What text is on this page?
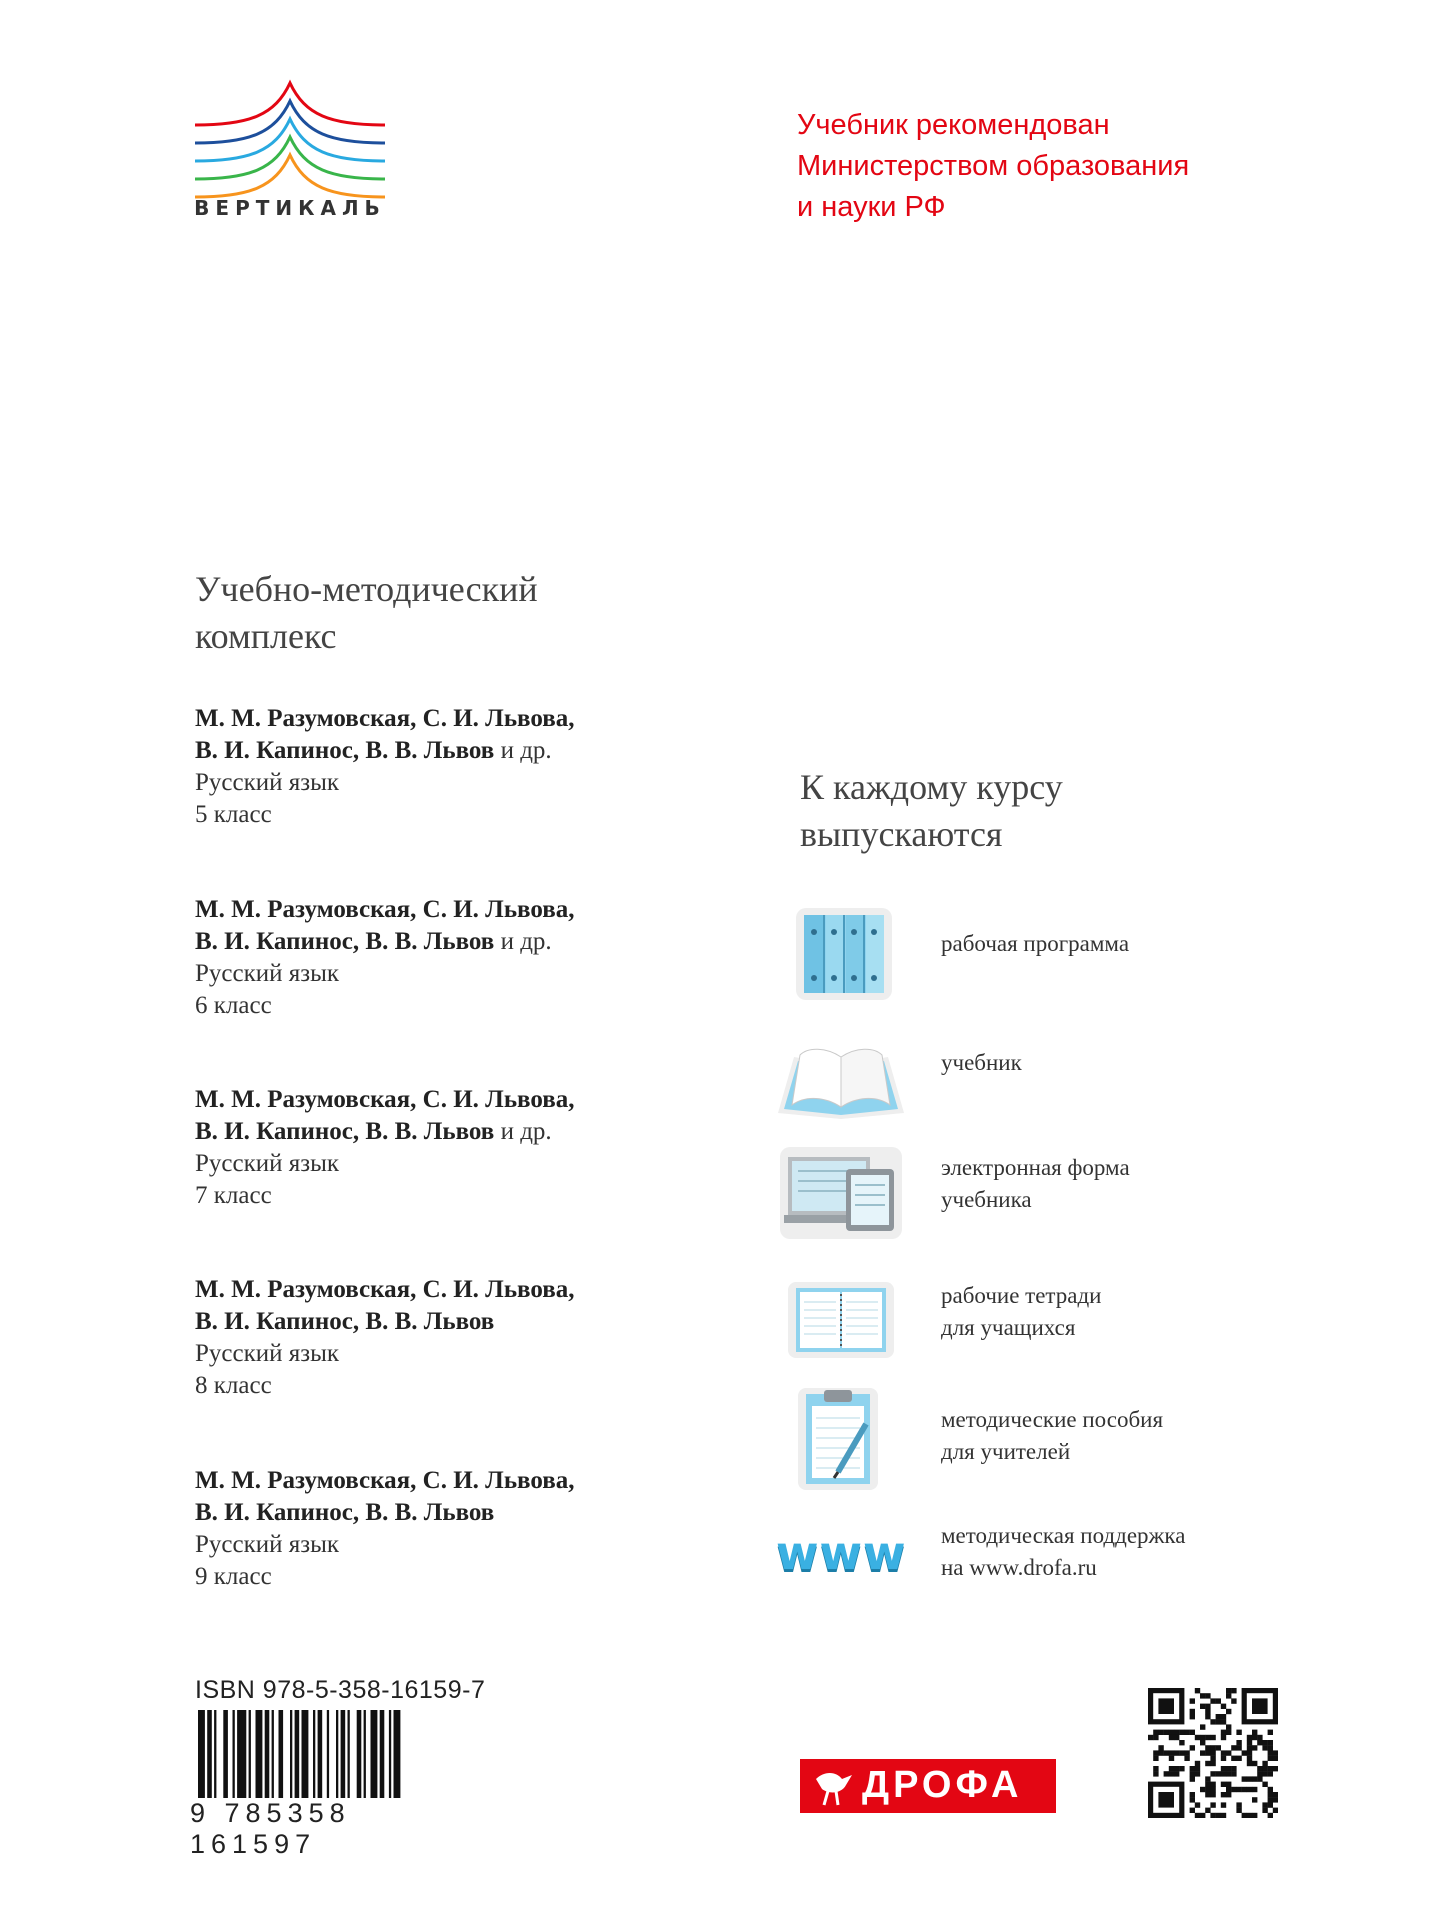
ВЕРТИКАЛЬ
Учебник рекомендован
Министерством образования
и науки РФ
Учебно-методический
комплекс
М. М. Разумовская, С. И. Львова,
В. И. Капинос, В. В. Львов и др.
Русский язык
5 класс
М. М. Разумовская, С. И. Львова,
В. И. Капинос, В. В. Львов и др.
Русский язык
6 класс
М. М. Разумовская, С. И. Львова,
В. И. Капинос, В. В. Львов и др.
Русский язык
7 класс
М. М. Разумовская, С. И. Львова,
В. И. Капинос, В. В. Львов
Русский язык
8 класс
М. М. Разумовская, С. И. Львова,
В. И. Капинос, В. В. Львов
Русский язык
9 класс
К каждому курсу
выпускаются
рабочая программа
учебник
электронная форма
учебника
рабочие тетради
для учащихся
методические пособия
для учителей
www методическая поддержка
на www.drofa.ru
ISBN 978-5-358-16159-7
9 785358 161597
ДРОФА
